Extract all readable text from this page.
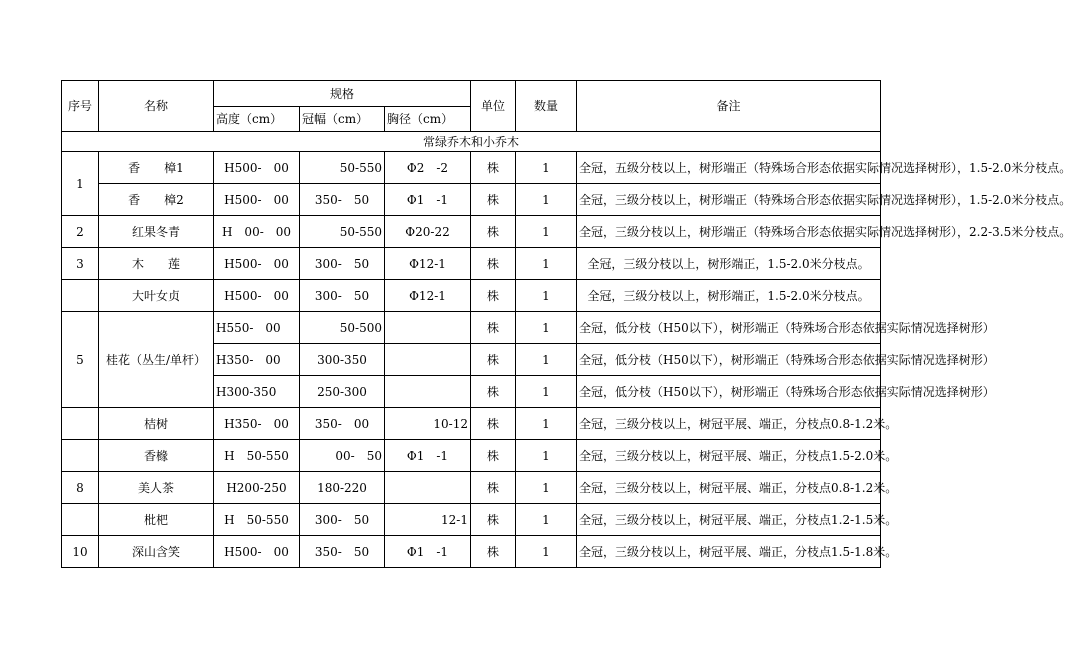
序号	名称	规格			单位	数量	备注
		高度（cm）	冠幅（cm）	胸径（cm）			
常绿乔木和小乔木							
1	香　　樟1	H500-　00	50-550	Φ2　-2	株	1	全冠，五级分枝以上，树形端正（特殊场合形态依据实际情况选择树形），1.5-2.0米分枝点。
	香　　樟2	H500-　00	350-　50	Φ1　-1	株	1	全冠，三级分枝以上，树形端正（特殊场合形态依据实际情况选择树形），1.5-2.0米分枝点。
2	红果冬青	H　00-　00	50-550	Φ20-22	株	1	全冠，三级分枝以上，树形端正（特殊场合形态依据实际情况选择树形），2.2-3.5米分枝点。
3	木　　莲	H500-　00	300-　50	Φ12-1	株	1	全冠，三级分枝以上，树形端正，1.5-2.0米分枝点。
	大叶女贞	H500-　00	300-　50	Φ12-1	株	1	全冠，三级分枝以上，树形端正，1.5-2.0米分枝点。
5	桂花（丛生/单杆）	H550-　00	50-500		株	1	全冠，低分枝（H50以下），树形端正（特殊场合形态依据实际情况选择树形）
		H350-　00	300-350		株	1	全冠，低分枝（H50以下），树形端正（特殊场合形态依据实际情况选择树形）
		H300-350	250-300		株	1	全冠，低分枝（H50以下），树形端正（特殊场合形态依据实际情况选择树形）
	桔树	H350-　00	350-　00	10-12	株	1	全冠，三级分枝以上，树冠平展、端正，分枝点0.8-1.2米。
	香橼	H　50-550	00-　50	Φ1　-1	株	1	全冠，三级分枝以上，树冠平展、端正，分枝点1.5-2.0米。
8	美人茶	H200-250	180-220		株	1	全冠，三级分枝以上，树冠平展、端正，分枝点0.8-1.2米。
	枇杷	H　50-550	300-　50	12-1	株	1	全冠，三级分枝以上，树冠平展、端正，分枝点1.2-1.5米。
10	深山含笑	H500-　00	350-　50	Φ1　-1	株	1	全冠，三级分枝以上，树冠平展、端正，分枝点1.5-1.8米。
